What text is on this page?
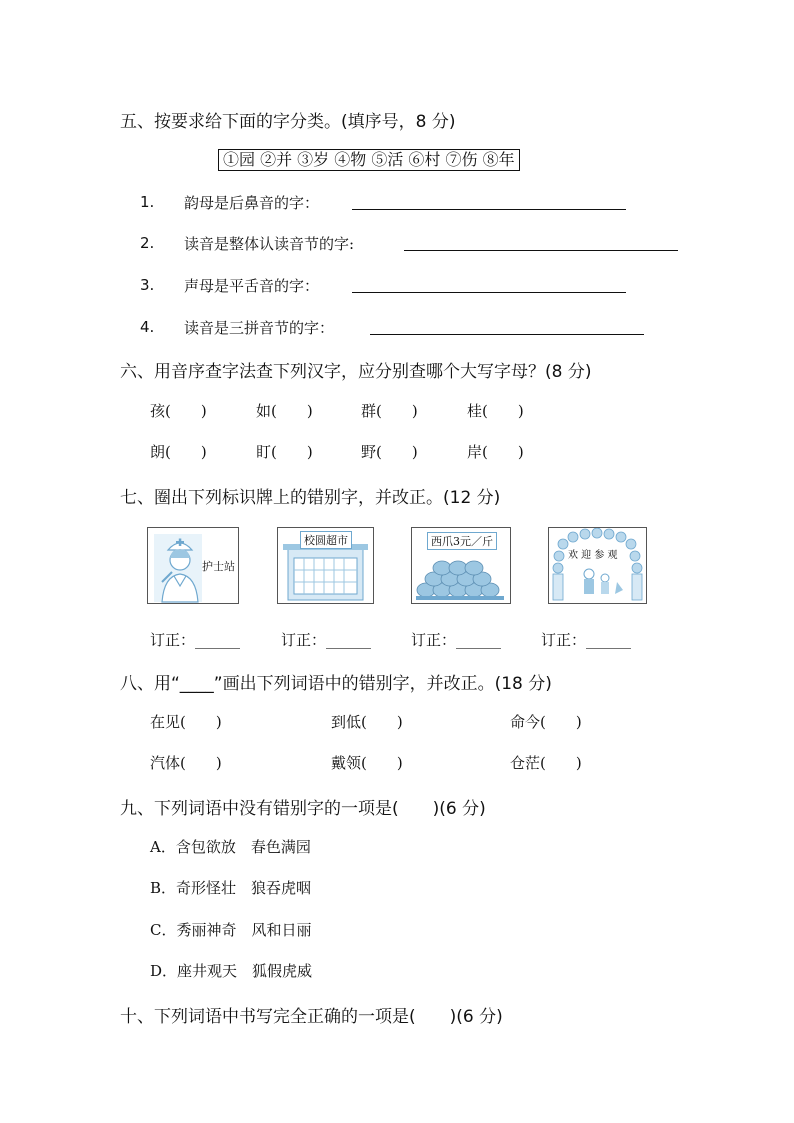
五、按要求给下面的字分类。(填序号，8 分)
①园 ②并 ③岁 ④物 ⑤活 ⑥村 ⑦伤 ⑧年
1. 韵母是后鼻音的字：
2. 读音是整体认读音节的字:
3. 声母是平舌音的字：
4. 读音是三拼音节的字：
六、用音序查字法查下列汉字，应分别查哪个大写字母？(8 分)
孩(　　)	如(　　)	群(　　)	桂(　　)
朗(　　)	盯(　　)	野(　　)	岸(　　)
七、圈出下列标识牌上的错别字，并改正。(12 分)
护士站
校圆超市	西爪3元／斤
欢 迎 参 观
订正：______	订正：______	订正：______	订正：______
八、用“____”画出下列词语中的错别字，并改正。(18 分)
在见(　　)	到低(　　)	命今(　　)
汽体(　　)	戴领(　　)	仓茫(　　)
九、下列词语中没有错别字的一项是(　　)(6 分)
A．含包欲放　春色满园
B．奇形怪壮　狼吞虎咽
C．秀丽神奇　风和日丽
D．座井观天　狐假虎威
十、下列词语中书写完全正确的一项是(　　)(6 分)
